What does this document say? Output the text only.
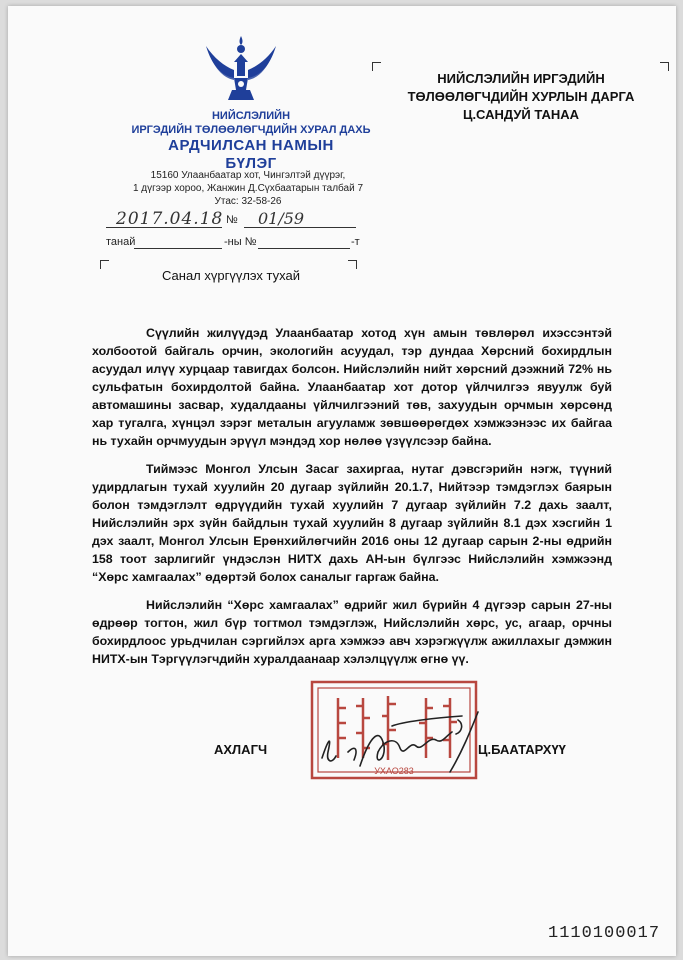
НИЙСЛЭЛИЙН
ИРГЭДИЙН ТӨЛӨӨЛӨГЧДИЙН ХУРАЛ ДАХЬ
АРДЧИЛСАН НАМЫН
БҮЛЭГ
15160 Улаанбаатар хот, Чингэлтэй дүүрэг,
1 дүгээр хороо, Жанжин Д.Сүхбаатарын талбай 7
Утас: 32-58-26
НИЙСЛЭЛИЙН ИРГЭДИЙН
ТӨЛӨӨЛӨГЧДИЙН ХУРЛЫН ДАРГА
Ц.САНДУЙ ТАНАА
2017.04.18 № 01/59
танай	-ны №	-т
Санал хүргүүлэх тухай

Сүүлийн жилүүдэд Улаанбаатар хотод хүн амын төвлөрөл ихэссэнтэй холбоотой байгаль орчин, экологийн асуудал, тэр дундаа Хөрсний бохирдлын асуудал илүү хурцаар тавигдах болсон. Нийслэлийн нийт хөрсний дээжний 72% нь сульфатын бохирдолтой байна. Улаанбаатар хот дотор үйлчилгээ явуулж буй автомашины засвар, худалдааны үйлчилгээний төв, захуудын орчмын хөрсөнд хар тугалга, хүнцэл зэрэг металын агууламж зөвшөөрөгдөх хэмжээнээс их байгаа нь тухайн орчмуудын эрүүл мэндэд хор нөлөө үзүүлсээр байна.

Тиймээс Монгол Улсын Засаг захиргаа, нутаг дэвсгэрийн нэгж, түүний удирдлагын тухай хуулийн 20 дугаар зүйлийн 20.1.7, Нийтээр тэмдэглэх баярын болон тэмдэглэлт өдрүүдийн тухай хуулийн 7 дугаар зүйлийн 7.2 дахь заалт, Нийслэлийн эрх зүйн байдлын тухай хуулийн 8 дугаар зүйлийн 8.1 дэх хэсгийн 1 дэх заалт, Монгол Улсын Ерөнхийлөгчийн 2016 оны 12 дугаар сарын 2-ны өдрийн 158 тоот зарлигийг үндэслэн НИТХ дахь АН-ын бүлгээс Нийслэлийн хэмжээнд “Хөрс хамгаалах” өдөртэй болох саналыг гаргаж байна.

Нийслэлийн “Хөрс хамгаалах” өдрийг жил бүрийн 4 дүгээр сарын 27-ны өдрөөр тогтон, жил бүр тогтмол тэмдэглэж, Нийслэлийн хөрс, ус, агаар, орчны бохирдлоос урьдчилан сэргийлэх арга хэмжээ авч хэрэгжүүлж ажиллахыг дэмжин НИТХ-ын Тэргүүлэгчдийн хуралдаанаар хэлэлцүүлж өгнө үү.

УХАО283
АХЛАГЧ	Ц.БААТАРХҮҮ
1110100017
